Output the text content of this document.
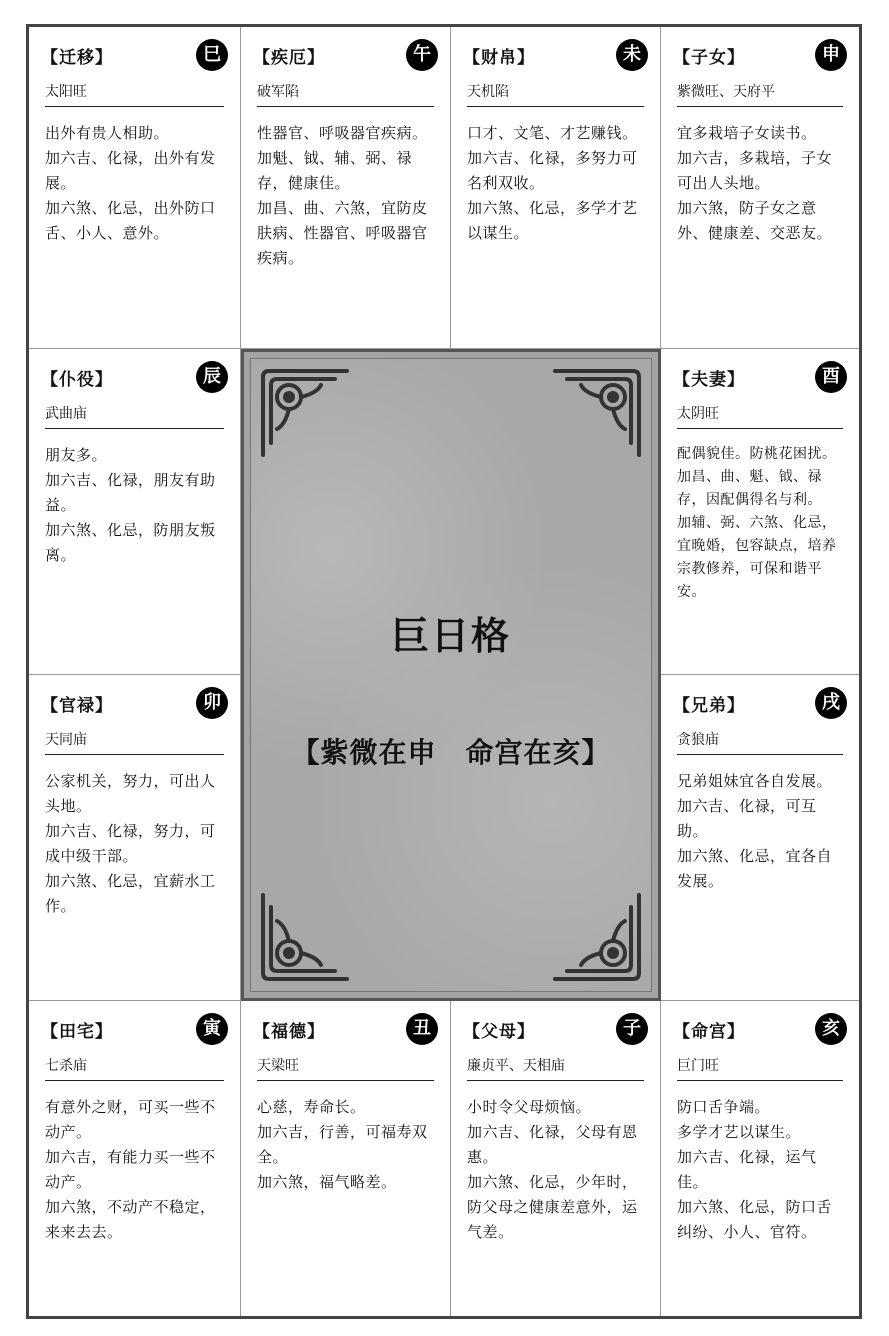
【迁移】	巳
太阳旺

出外有贵人相助。

加六吉、化禄，出外有发展。

加六煞、化忌，出外防口舌、小人、意外。

【疾厄】	午
破军陷

性器官、呼吸器官疾病。

加魁、钺、辅、弼、禄存，健康佳。

加昌、曲、六煞，宜防皮肤病、性器官、呼吸器官疾病。

【财帛】	未
天机陷

口才、文笔、才艺赚钱。

加六吉、化禄，多努力可名利双收。

加六煞、化忌，多学才艺以谋生。

【子女】	申
紫微旺、天府平

宜多栽培子女读书。

加六吉，多栽培，子女可出人头地。

加六煞，防子女之意外、健康差、交恶友。

【仆役】	辰
武曲庙

朋友多。

加六吉、化禄，朋友有助益。

加六煞、化忌，防朋友叛离。

【夫妻】	酉
太阴旺

配偶貌佳。防桃花困扰。

加昌、曲、魁、钺、禄存，因配偶得名与利。

加辅、弼、六煞、化忌，宜晚婚，包容缺点，培养宗教修养，可保和谐平安。

【官禄】	卯
天同庙

公家机关，努力，可出人头地。

加六吉、化禄，努力，可成中级干部。

加六煞、化忌，宜薪水工作。

【兄弟】	戌
贪狼庙

兄弟姐妹宜各自发展。

加六吉、化禄，可互助。

加六煞、化忌，宜各自发展。

【田宅】	寅
七杀庙

有意外之财，可买一些不动产。

加六吉，有能力买一些不动产。

加六煞，不动产不稳定，来来去去。

【福德】	丑
天梁旺

心慈，寿命长。

加六吉，行善，可福寿双全。

加六煞，福气略差。

【父母】	子
廉贞平、天相庙

小时令父母烦恼。

加六吉、化禄，父母有恩惠。

加六煞、化忌，少年时，防父母之健康差意外，运气差。

【命宫】	亥
巨门旺

防口舌争端。

多学才艺以谋生。

加六吉、化禄，运气佳。

加六煞、化忌，防口舌纠纷、小人、官符。

巨日格
【紫微在申　命宫在亥】
